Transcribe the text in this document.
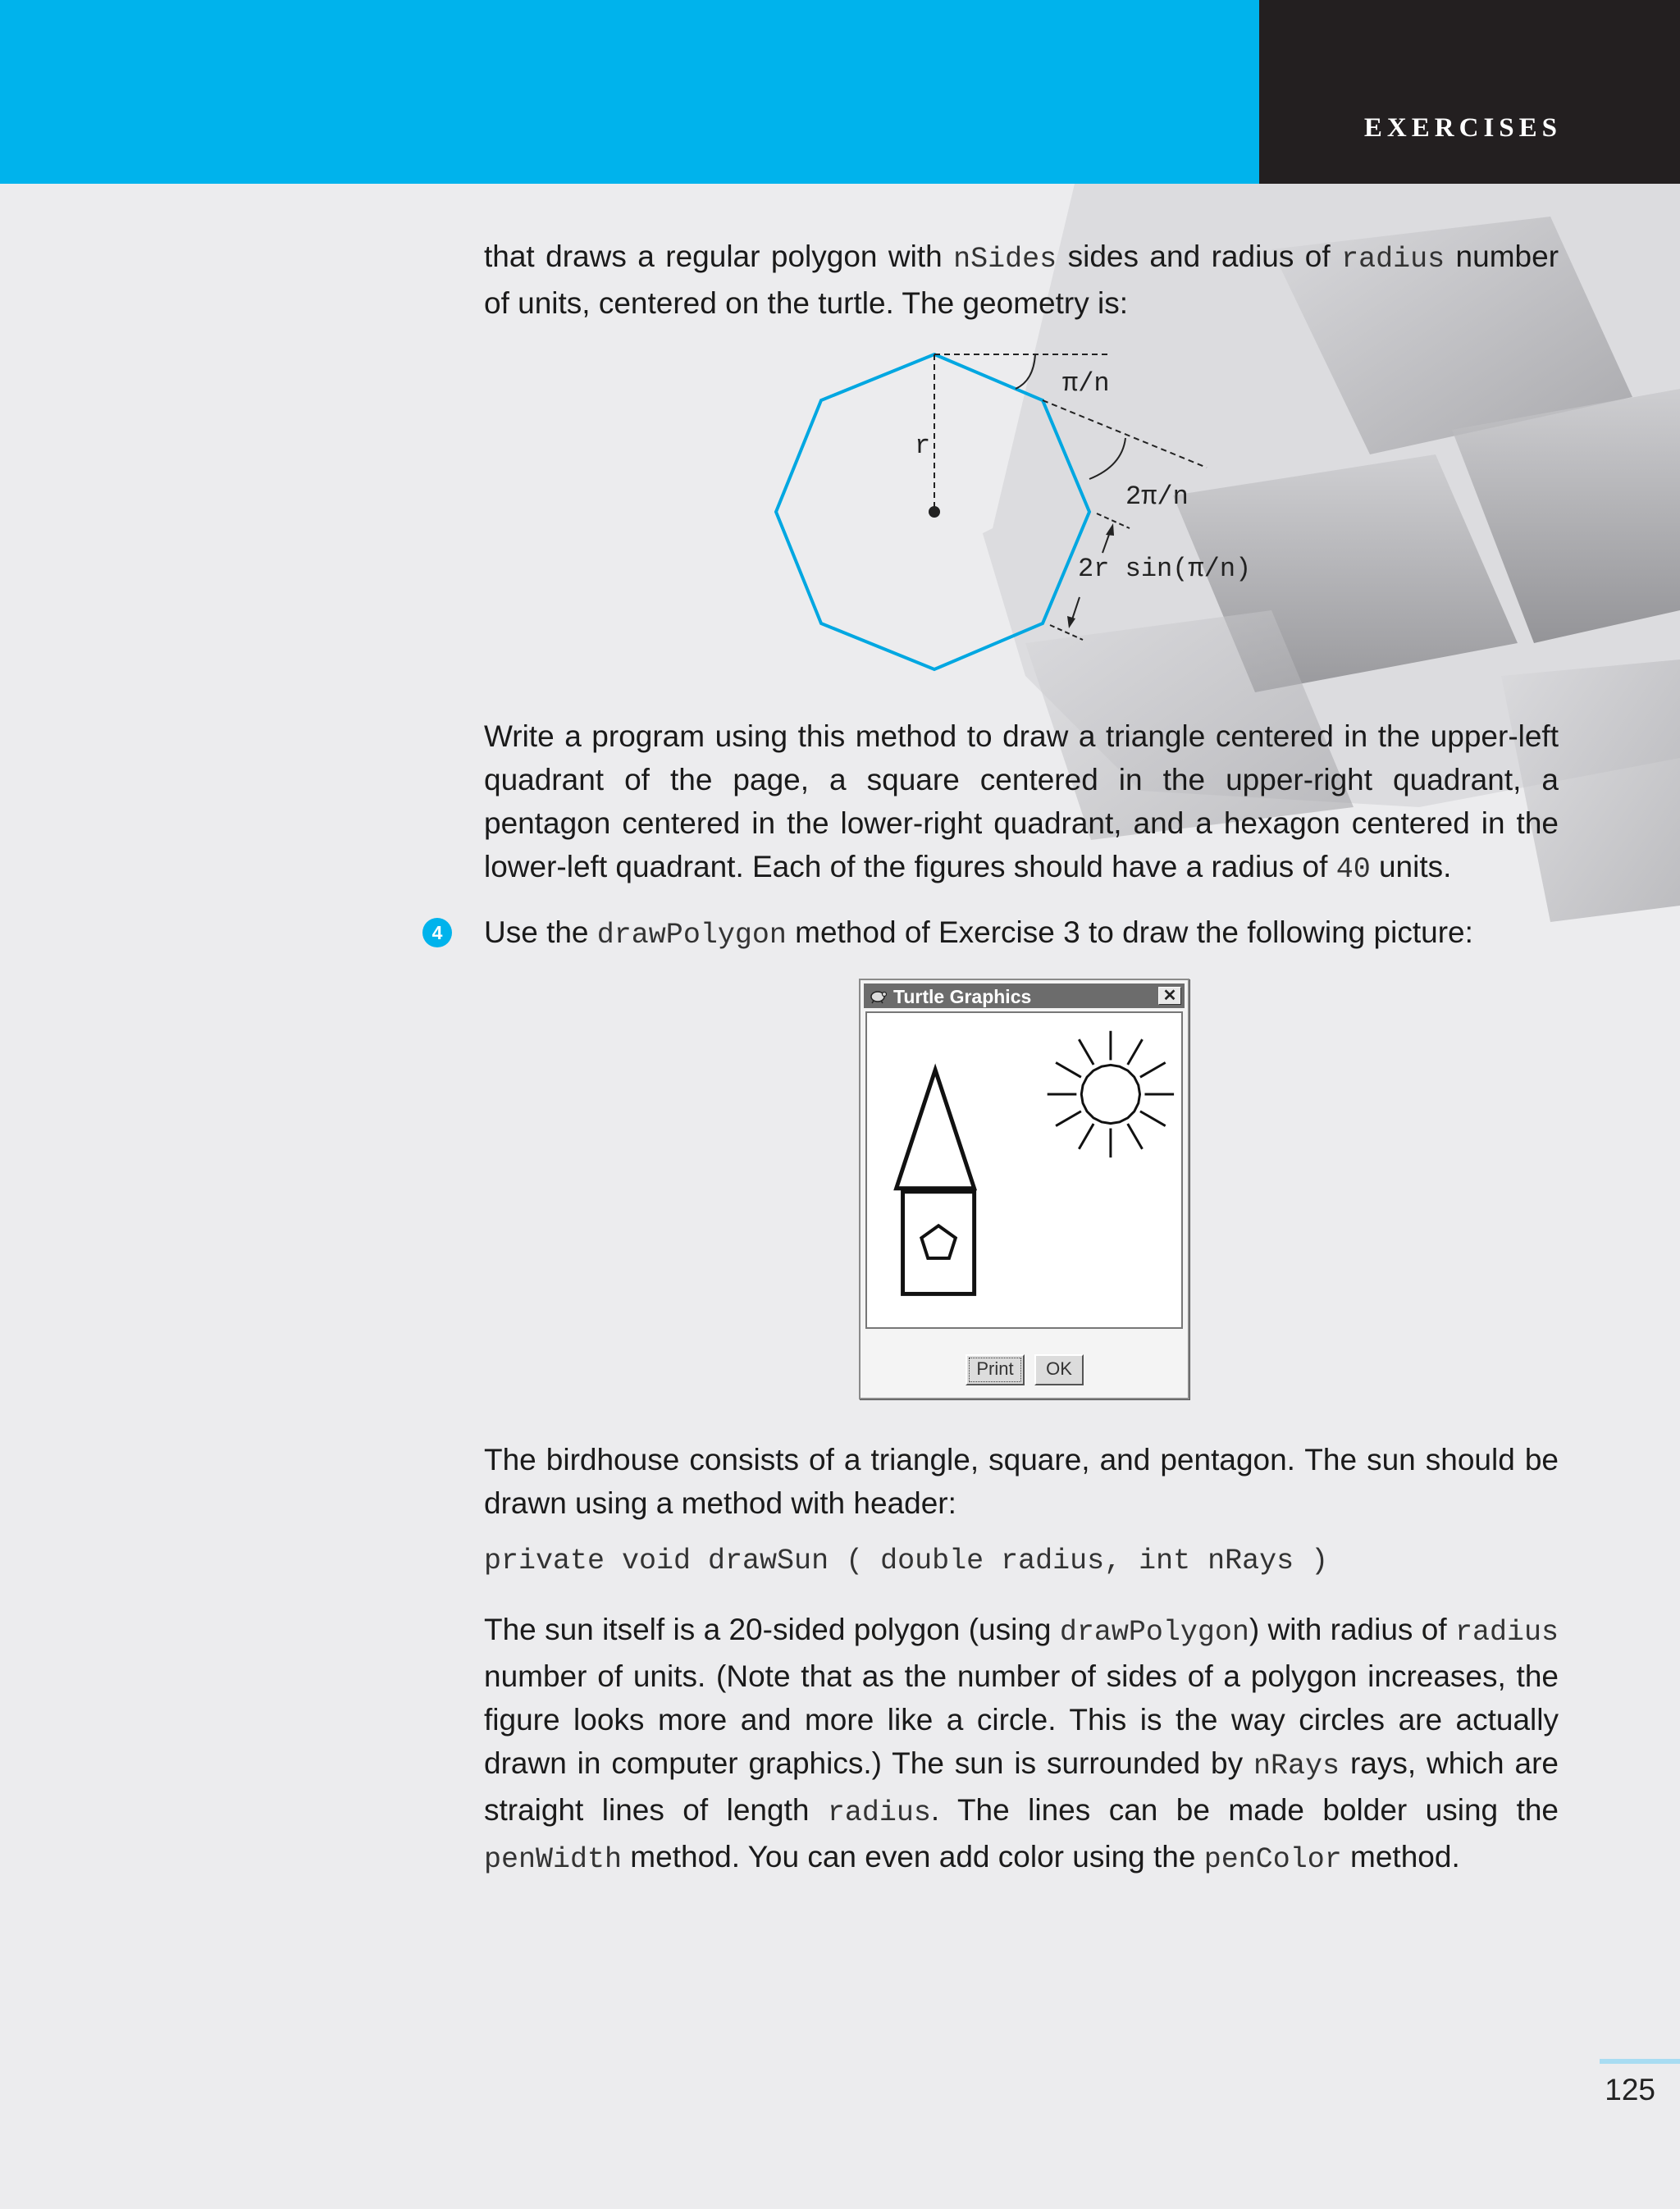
EXERCISES

that draws a regular polygon with nSides sides and radius of radius number of units, centered on the turtle. The geometry is:

r
π/n
2π/n
2r sin(π/n)

Write a program using this method to draw a triangle centered in the upper-left quadrant of the page, a square centered in the upper-right quadrant, a pentagon centered in the lower-right quadrant, and a hexagon centered in the lower-left quadrant. Each of the figures should have a radius of 40 units.

4	Use the drawPolygon method of Exercise 3 to draw the following picture:

Turtle Graphics	✕
Print	OK

The birdhouse consists of a triangle, square, and pentagon. The sun should be drawn using a method with header:

private void drawSun ( double radius, int nRays )

The sun itself is a 20-sided polygon (using drawPolygon) with radius of radius number of units. (Note that as the number of sides of a polygon increases, the figure looks more and more like a circle. This is the way circles are actually drawn in computer graphics.) The sun is surrounded by nRays rays, which are straight lines of length radius. The lines can be made bolder using the penWidth method. You can even add color using the penColor method.

125
